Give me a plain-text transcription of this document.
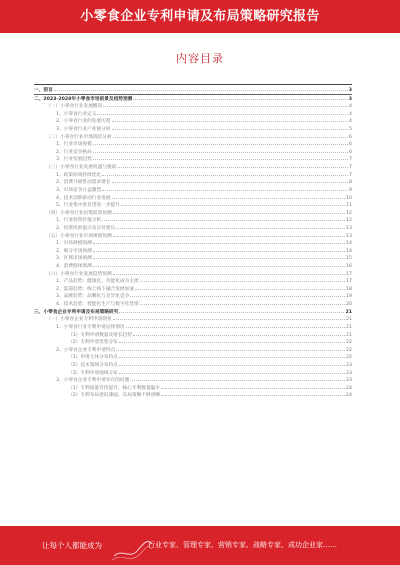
小零食企业专利申请及布局策略研究报告
内容目录
一、前言	3
二、2023-2028年小零食市场前景及趋势预测	3
（一）小零食行业发展概况	4
1、小零食行业定义	4
2、小零食行业的发展历程	4
3、小零食行业产业链分析	5
（二）小零食行业市场现状分析	6
1、行业市场规模	6
2、行业竞争格局	6
3、行业发展趋势	7
（三）小零食行业发展机遇与挑战	7
1、政策环境持续优化	7
2、消费升级带动需求增长	8
3、市场竞争日益激烈	9
4、技术创新驱动行业发展	10
5、行业集中度有望进一步提升	11
（四）小零食行业投资前景预测	12
1、行业投资价值分析	12
2、投资风险提示及应对建议	13
（五）小零食行业市场规模预测	13
1、市场规模预测	14
2、细分市场预测	14
3、区域市场预测	15
4、消费群体预测	16
（六）小零食行业发展趋势预测	17
1、产品趋势：健康化、功能化成为主流	17
2、渠道趋势：线上线下融合发展加速	18
3、品牌趋势：品牌化与差异化竞争	19
4、技术趋势：智能化生产与数字化营销	20
三、小零食企业专利申请及布局策略研究	21
（一）小零食企业专利申请现状	21
1、小零食行业专利申请总体情况	21
（1）专利申请数量及增长趋势	21
（2）专利申请类型分布	22
2、小零食企业专利申请特点	22
（1）申请主体分布特点	22
（2）技术领域分布特点	23
（3）专利申请地域分布	23
3、小零食企业专利申请存在的问题	23
（1）专利质量有待提升，核心专利数量偏少	24
（2）专利布局意识薄弱，布局策略不够清晰	24
让每个人都能成为	行业专家、管理专家、营销专家、战略专家、成功企业家……
